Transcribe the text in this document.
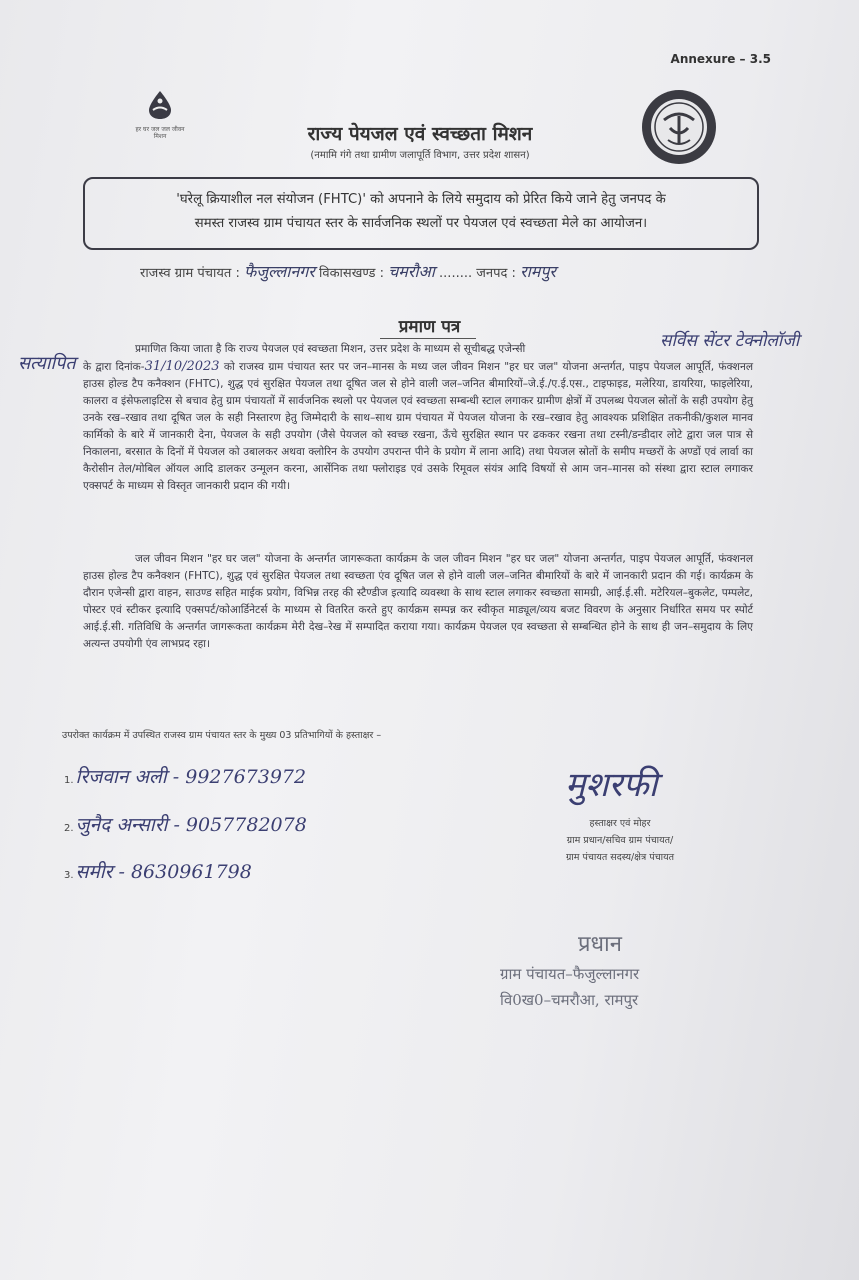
Annexure – 3.5
हर घर जल जल जीवन मिशन	राज्य पेयजल एवं स्वच्छता मिशन
(नमामि गंगे तथा ग्रामीण जलापूर्ति विभाग, उत्तर प्रदेश शासन)
'घरेलू क्रियाशील नल संयोजन (FHTC)' को अपनाने के लिये समुदाय को प्रेरित किये जाने हेतु जनपद के
समस्त राजस्व ग्राम पंचायत स्तर के सार्वजनिक स्थलों पर पेयजल एवं स्वच्छता मेले का आयोजन।
राजस्व ग्राम पंचायत : फैजुल्लानगर विकासखण्ड : चमरौआ ........ जनपद : रामपुर
प्रमाण पत्र
सर्विस सेंटर टेक्नोलॉजी
सत्यापित
प्रमाणित किया जाता है कि राज्य पेयजल एवं स्वच्छता मिशन, उत्तर प्रदेश के माध्यम से सूचीबद्ध एजेन्सी
के द्वारा दिनांक-31/10/2023 को राजस्व ग्राम पंचायत स्तर पर जन–मानस के मध्य जल जीवन मिशन "हर घर जल" योजना अन्तर्गत, पाइप पेयजल आपूर्ति, फंक्शनल हाउस होल्ड टैप कनैक्शन (FHTC), शुद्ध एवं सुरक्षित पेयजल तथा दूषित जल से होने वाली जल–जनित बीमारियों–जे.ई./ए.ई.एस., टाइफाइड, मलेरिया, डायरिया, फाइलेरिया, कालरा व इंसेफलाइटिस से बचाव हेतु ग्राम पंचायतों में सार्वजनिक स्थलो पर पेयजल एवं स्वच्छता सम्बन्धी स्टाल लगाकर ग्रामीण क्षेत्रों में उपलब्ध पेयजल स्रोतों के सही उपयोग हेतु उनके रख–रखाव तथा दूषित जल के सही निस्तारण हेतु जिम्मेदारी के साथ–साथ ग्राम पंचायत में पेयजल योजना के रख–रखाव हेतु आवश्यक प्रशिक्षित तकनीकी/कुशल मानव कार्मिको के बारे में जानकारी देना, पेयजल के सही उपयोग (जैसे पेयजल को स्वच्छ रखना, ऊँचे सुरक्षित स्थान पर ढककर रखना तथा टस्नी/डन्डीदार लोटे द्वारा जल पात्र से निकालना, बरसात के दिनों में पेयजल को उबालकर अथवा क्लोरिन के उपयोग उपरान्त पीने के प्रयोग में लाना आदि) तथा पेयजल स्रोतों के समीप मच्छरों के अण्डों एवं लार्वा का कैरोसीन तेल/मोबिल ऑयल आदि डालकर उन्मूलन करना, आर्सेनिक तथा फ्लोराइड एवं उसके रिमूवल संयंत्र आदि विषयों से आम जन–मानस को संस्था द्वारा स्टाल लगाकर एक्सपर्ट के माध्यम से विस्तृत जानकारी प्रदान की गयी।
जल जीवन मिशन "हर घर जल" योजना के अन्तर्गत जागरूकता कार्यक्रम के जल जीवन मिशन "हर घर जल" योजना अन्तर्गत, पाइप पेयजल आपूर्ति, फंक्शनल हाउस होल्ड टैप कनैक्शन (FHTC), शुद्ध एवं सुरक्षित पेयजल तथा स्वच्छता एंव दूषित जल से होने वाली जल–जनित बीमारियों के बारे में जानकारी प्रदान की गई। कार्यक्रम के दौरान एजेन्सी द्वारा वाहन, साउण्ड सहित माईक प्रयोग, विभिन्न तरह की स्टैण्डीज इत्यादि व्यवस्था के साथ स्टाल लगाकर स्वच्छता सामग्री, आई.ई.सी. मटेरियल–बुकलेट, पम्पलेट, पोस्टर एवं स्टीकर इत्यादि एक्सपर्ट/कोआर्डिनेटर्स के माध्यम से वितरित करते हुए कार्यक्रम सम्पन्न कर स्वीकृत माड्यूल/व्यय बजट विवरण के अनुसार निर्धारित समय पर स्पोर्ट आई.ई.सी. गतिविधि के अन्तर्गत जागरूकता कार्यक्रम मेरी देख–रेख में सम्पादित कराया गया। कार्यक्रम पेयजल एव स्वच्छता से सम्बन्धित होने के साथ ही जन–समुदाय के लिए अत्यन्त उपयोगी एंव लाभप्रद रहा।
उपरोक्त कार्यक्रम में उपस्थित राजस्व ग्राम पंचायत स्तर के मुख्य 03 प्रतिभागियों के हस्ताक्षर –
1. रिजवान अली - 9927673972
2. जुनैद अन्सारी - 9057782078
3. समीर - 8630961798
मुशरफी
हस्ताक्षर एवं मोहर
ग्राम प्रधान/सचिव ग्राम पंचायत/
ग्राम पंचायत सदस्य/क्षेत्र पंचायत
प्रधान
ग्राम पंचायत–फैजुल्लानगर
वि0ख0–चमरौआ, रामपुर
